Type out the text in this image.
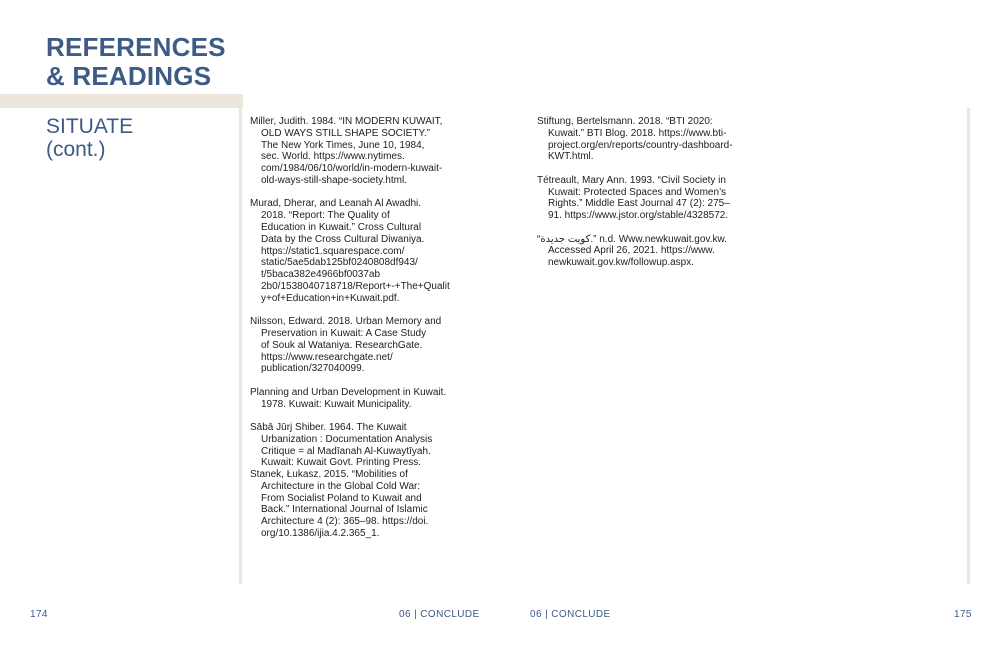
REFERENCES
& READINGS
SITUATE
(cont.)

Miller, Judith. 1984. “IN MODERN KUWAIT,
OLD WAYS STILL SHAPE SOCIETY.”
The New York Times, June 10, 1984,
sec. World. https://www.nytimes.
com/1984/06/10/world/in-modern-kuwait-
old-ways-still-shape-society.html.

Murad, Dherar, and Leanah Al Awadhi.
2018. “Report: The Quality of
Education in Kuwait.” Cross Cultural
Data by the Cross Cultural Diwaniya.
https://static1.squarespace.com/
static/5ae5dab125bf0240808df943/
t/5baca382e4966bf0037ab
2b0/1538040718718/Report+-+The+Qualit
y+of+Education+in+Kuwait.pdf.

Nilsson, Edward. 2018. Urban Memory and
Preservation in Kuwait: A Case Study
of Souk al Wataniya. ResearchGate.
https://www.researchgate.net/
publication/327040099.

Planning and Urban Development in Kuwait.
1978. Kuwait: Kuwait Municipality.

Sābā Jūrj Shiber. 1964. The Kuwait
Urbanization : Documentation Analysis
Critique = al Madīanah Al-Kuwaytīyah.
Kuwait: Kuwait Govt. Printing Press.

Stanek, Łukasz. 2015. “Mobilities of
Architecture in the Global Cold War:
From Socialist Poland to Kuwait and
Back.” International Journal of Islamic
Architecture 4 (2): 365–98. https://doi.
org/10.1386/ijia.4.2.365_1.

Stiftung, Bertelsmann. 2018. “BTI 2020:
Kuwait.” BTI Blog. 2018. https://www.bti-
project.org/en/reports/country-dashboard-
KWT.html.

Tétreault, Mary Ann. 1993. “Civil Society in
Kuwait: Protected Spaces and Women’s
Rights.” Middle East Journal 47 (2): 275–
91. https://www.jstor.org/stable/4328572.

“كويت جديدة.” n.d. Www.newkuwait.gov.kw.
Accessed April 26, 2021. https://www.
newkuwait.gov.kw/followup.aspx.

174	06 | CONCLUDE	06 | CONCLUDE	175
